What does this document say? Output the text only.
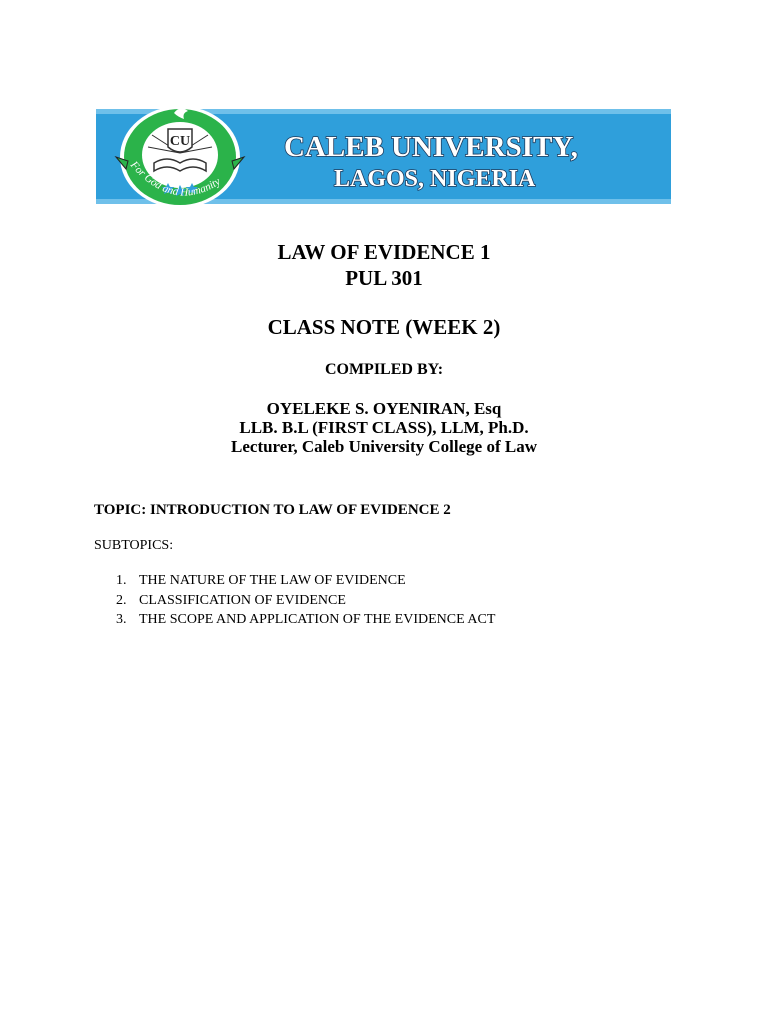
CU
For God and Humanity
CALEB UNIVERSITY,
LAGOS, NIGERIA
LAW OF EVIDENCE 1
PUL 301
CLASS NOTE (WEEK 2)
COMPILED BY:
OYELEKE S. OYENIRAN, Esq
LLB. B.L (FIRST CLASS), LLM, Ph.D.
Lecturer, Caleb University College of Law
TOPIC: INTRODUCTION TO LAW OF EVIDENCE 2
SUBTOPICS:
1. THE NATURE OF THE LAW OF EVIDENCE
2. CLASSIFICATION OF EVIDENCE
3. THE SCOPE AND APPLICATION OF THE EVIDENCE ACT
